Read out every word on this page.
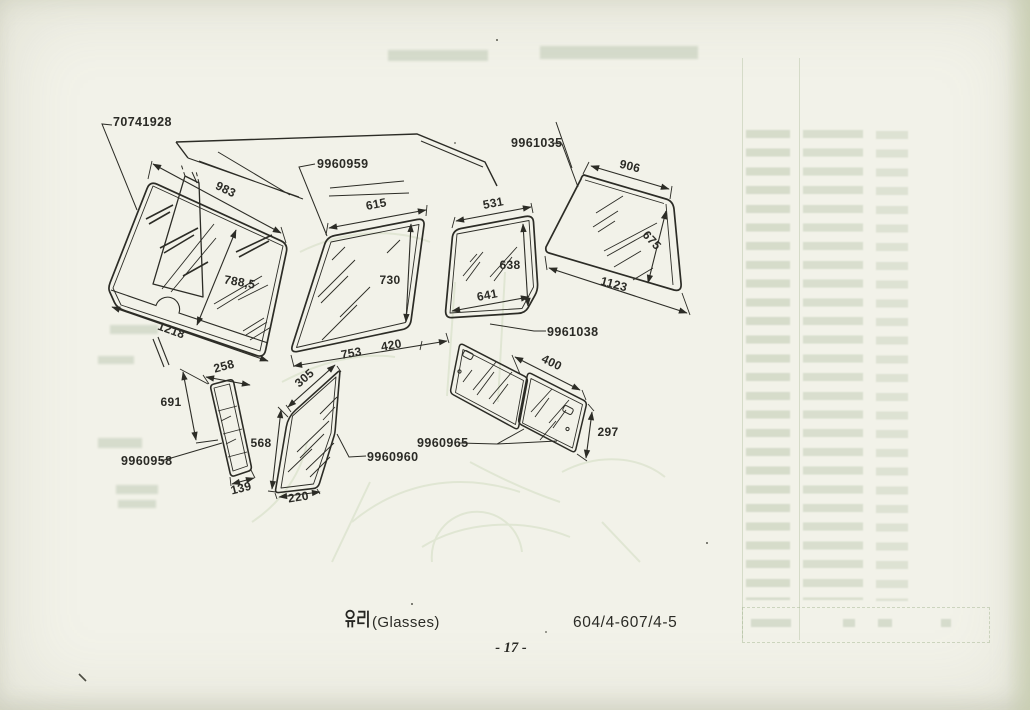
983
788,5
1218
615
730
753 420
531
638
641
906
675
1123
258
691
139
305
568
220
400
297
70741928
9960959
9961035
9961038
9960958	9960960
9960965
(Glasses)	604/4-607/4-5
- 17 -
